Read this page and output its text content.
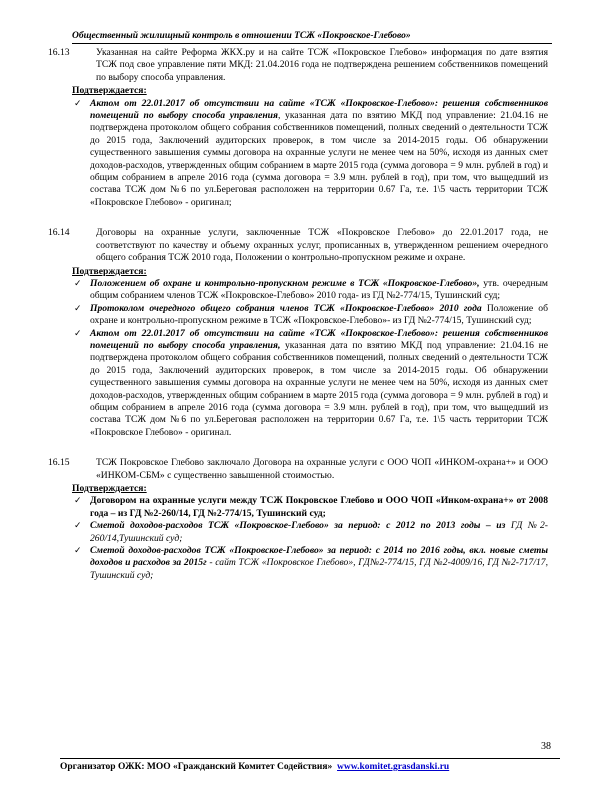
Общественный жилищный контроль в отношении ТСЖ «Покровское-Глебово»
16.13	Указанная на сайте Реформа ЖКХ.ру и на сайте ТСЖ «Покровское Глебово» информация по дате взятия ТСЖ под свое управление пяти МКД: 21.04.2016 года не подтверждена решением собственников помещений по выбору способа управления.
Подтверждается:
✓ Актом от 22.01.2017 об отсутствии на сайте «ТСЖ «Покровское-Глебово»: решения собственников помещений по выбору способа управления, указанная дата по взятию МКД под управление: 21.04.16 не подтверждена протоколом общего собрания собственников помещений, полных сведений о деятельности ТСЖ до 2015 года, Заключений аудиторских проверок, в том числе за 2014-2015 годы. Об обнаружении существенного завышения суммы договора на охранные услуги не менее чем на 50%, исходя из данных смет доходов-расходов, утвержденных общим собранием в марте 2015 года (сумма договора = 9 млн. рублей в год) и общим собранием в апреле 2016 года (сумма договора = 3.9 млн. рублей в год), при том, что выщедший из состава ТСЖ дом №6 по ул.Береговая расположен на территории 0.67 Га, т.е. 1\5 часть территории ТСЖ «Покровское Глебово» - оригинал;
16.14	Договоры на охранные услуги, заключенные ТСЖ «Покровское Глебово» до 22.01.2017 года, не соответствуют по качеству и объему охранных услуг, прописанных в, утвержденном решением очередного общего собрания ТСЖ 2010 года, Положении о контрольно-пропускном режиме и охране.
Подтверждается:
✓ Положением об охране и контрольно-пропускном режиме в ТСЖ «Покровское-Глебово», утв. очередным общим собранием членов ТСЖ «Покровское-Глебово» 2010 года- из ГД №2-774/15, Тушинский суд;
✓ Протоколом очередного общего собрания членов ТСЖ «Покровское-Глебово» 2010 года Положение об охране и контрольно-пропускном режиме в ТСЖ «Покровское-Глебово»- из ГД №2-774/15, Тушинский суд;
✓ Актом от 22.01.2017 об отсутствии на сайте «ТСЖ «Покровское-Глебово»: решения собственников помещений по выбору способа управления, указанная дата по взятию МКД под управление: 21.04.16 не подтверждена протоколом общего собрания собственников помещений, полных сведений о деятельности ТСЖ до 2015 года, Заключений аудиторских проверок, в том числе за 2014-2015 годы. Об обнаружении существенного завышения суммы договора на охранные услуги не менее чем на 50%, исходя из данных смет доходов-расходов, утвержденных общим собранием в марте 2015 года (сумма договора = 9 млн. рублей в год) и общим собранием в апреле 2016 года (сумма договора = 3.9 млн. рублей в год), при том, что выщедший из состава ТСЖ дом №6 по ул.Береговая расположен на территории 0.67 Га, т.е. 1\5 часть территории ТСЖ «Покровское Глебово» - оригинал.
16.15	ТСЖ Покровское Глебово заключало Договора на охранные услуги с ООО ЧОП «ИНКОМ-охрана+» и ООО «ИНКОМ-СБМ» с существенно завышенной стоимостью.
Подтверждается:
✓ Договором на охранные услуги между ТСЖ Покровское Глебово и ООО ЧОП «Инком-охрана+» от 2008 года – из ГД №2-260/14, ГД №2-774/15, Тушинский суд;
✓ Сметой доходов-расходов ТСЖ «Покровское-Глебово» за период: с 2012 по 2013 годы – из ГД №2-260/14,Тушинский суд;
✓ Сметой доходов-расходов ТСЖ «Покровское-Глебово» за период: с 2014 по 2016 годы, вкл. новые сметы доходов и расходов за 2015г - сайт ТСЖ «Покровское Глебово», ГД№2-774/15, ГД №2-4009/16, ГД №2-717/17, Тушинский суд;
38
Организатор ОЖК: МОО «Гражданский Комитет Содействия» www.komitet.grasdanski.ru
